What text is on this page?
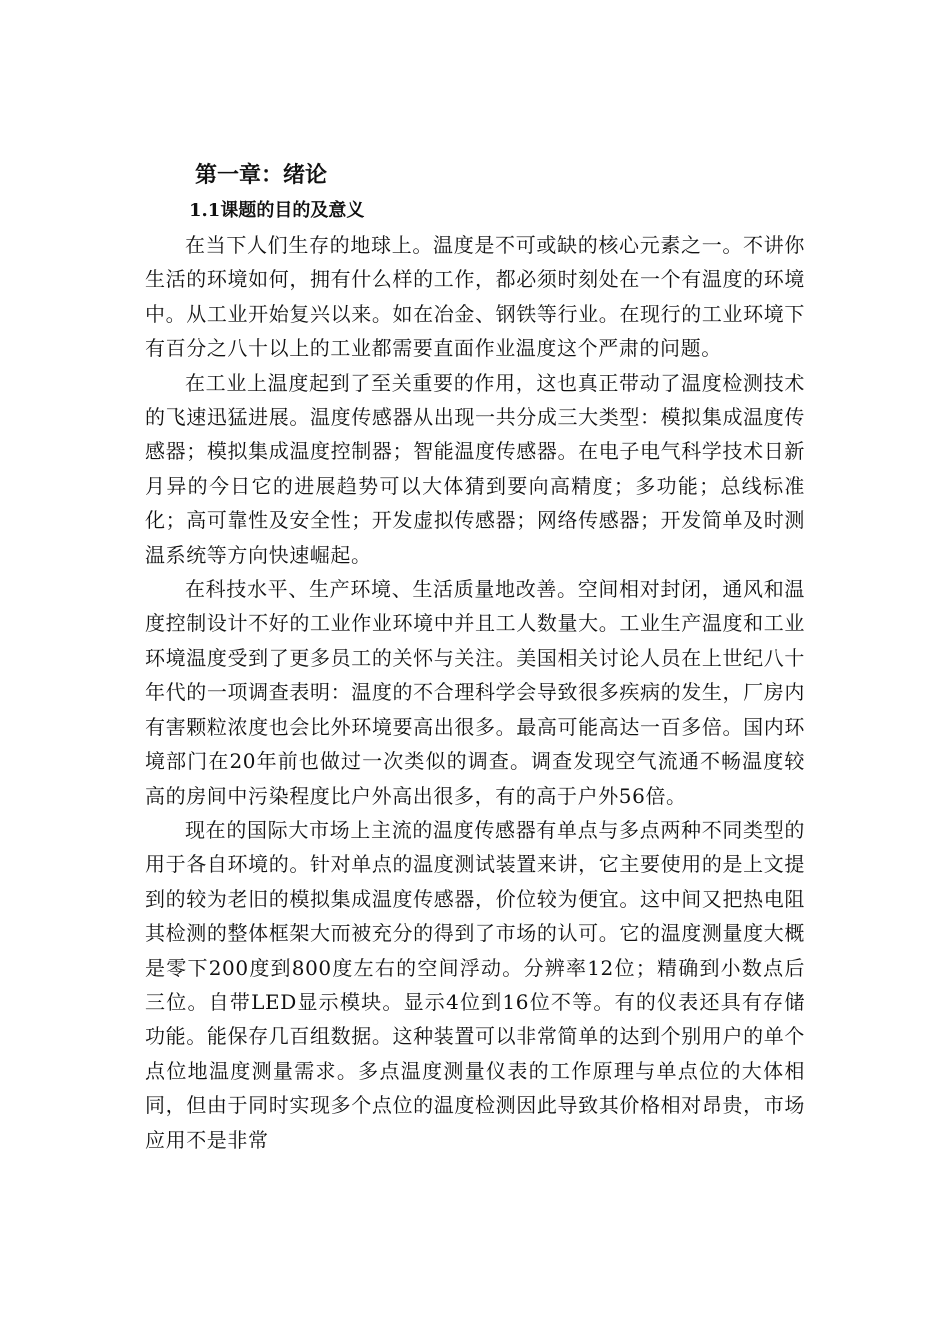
第一章：绪论
1.1课题的目的及意义

在当下人们生存的地球上。温度是不可或缺的核心元素之一。不讲你生活的环境如何，拥有什么样的工作，都必须时刻处在一个有温度的环境中。从工业开始复兴以来。如在冶金、钢铁等行业。在现行的工业环境下有百分之八十以上的工业都需要直面作业温度这个严肃的问题。

在工业上温度起到了至关重要的作用，这也真正带动了温度检测技术的飞速迅猛进展。温度传感器从出现一共分成三大类型：模拟集成温度传感器；模拟集成温度控制器；智能温度传感器。在电子电气科学技术日新月异的今日它的进展趋势可以大体猜到要向高精度；多功能；总线标准化；高可靠性及安全性；开发虚拟传感器；网络传感器；开发简单及时测温系统等方向快速崛起。

在科技水平、生产环境、生活质量地改善。空间相对封闭，通风和温度控制设计不好的工业作业环境中并且工人数量大。工业生产温度和工业环境温度受到了更多员工的关怀与关注。美国相关讨论人员在上世纪八十年代的一项调查表明：温度的不合理科学会导致很多疾病的发生，厂房内有害颗粒浓度也会比外环境要高出很多。最高可能高达一百多倍。国内环境部门在20年前也做过一次类似的调查。调查发现空气流通不畅温度较高的房间中污染程度比户外高出很多，有的高于户外56倍。

现在的国际大市场上主流的温度传感器有单点与多点两种不同类型的用于各自环境的。针对单点的温度测试装置来讲，它主要使用的是上文提到的较为老旧的模拟集成温度传感器，价位较为便宜。这中间又把热电阻其检测的整体框架大而被充分的得到了市场的认可。它的温度测量度大概是零下200度到800度左右的空间浮动。分辨率12位；精确到小数点后三位。自带LED显示模块。显示4位到16位不等。有的仪表还具有存储功能。能保存几百组数据。这种装置可以非常简单的达到个别用户的单个点位地温度测量需求。多点温度测量仪表的工作原理与单点位的大体相同，但由于同时实现多个点位的温度检测因此导致其价格相对昂贵，市场应用不是非常
